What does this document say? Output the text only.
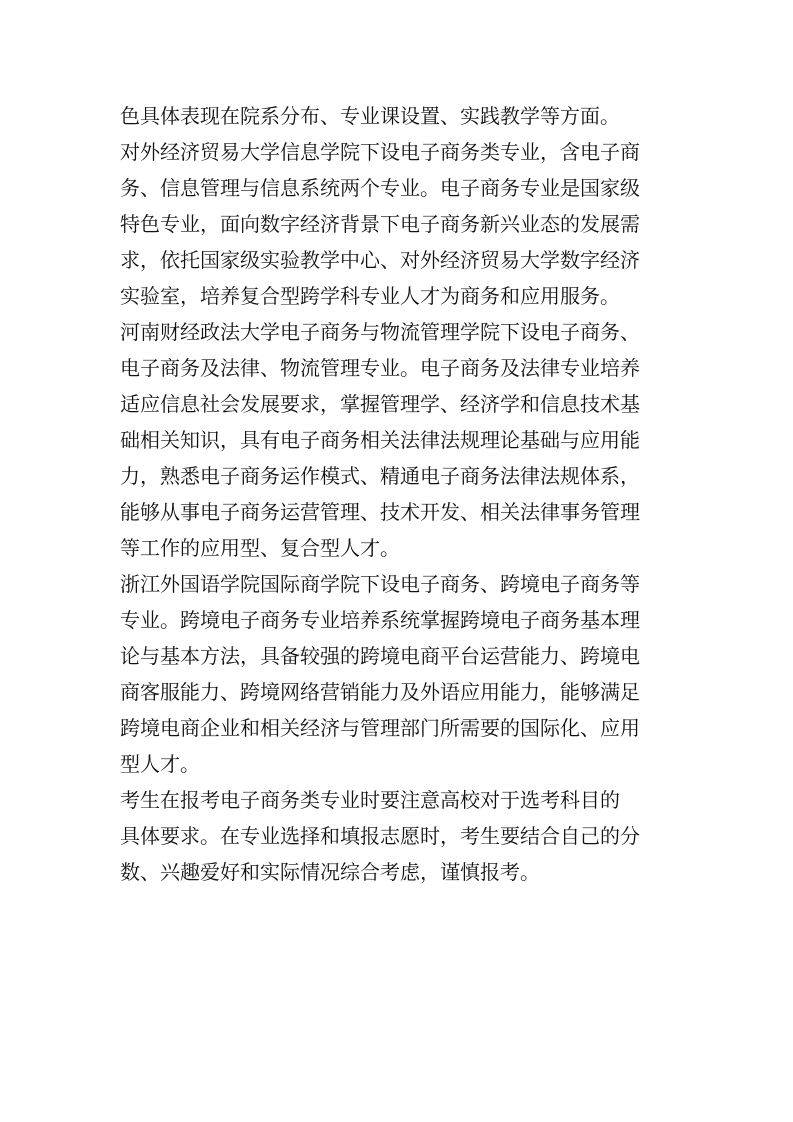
色具体表现在院系分布、专业课设置、实践教学等方面。
对外经济贸易大学信息学院下设电子商务类专业，含电子商
务、信息管理与信息系统两个专业。电子商务专业是国家级
特色专业，面向数字经济背景下电子商务新兴业态的发展需
求，依托国家级实验教学中心、对外经济贸易大学数字经济
实验室，培养复合型跨学科专业人才为商务和应用服务。
河南财经政法大学电子商务与物流管理学院下设电子商务、
电子商务及法律、物流管理专业。电子商务及法律专业培养
适应信息社会发展要求，掌握管理学、经济学和信息技术基
础相关知识，具有电子商务相关法律法规理论基础与应用能
力，熟悉电子商务运作模式、精通电子商务法律法规体系，
能够从事电子商务运营管理、技术开发、相关法律事务管理
等工作的应用型、复合型人才。
浙江外国语学院国际商学院下设电子商务、跨境电子商务等
专业。跨境电子商务专业培养系统掌握跨境电子商务基本理
论与基本方法，具备较强的跨境电商平台运营能力、跨境电
商客服能力、跨境网络营销能力及外语应用能力，能够满足
跨境电商企业和相关经济与管理部门所需要的国际化、应用
型人才。
考生在报考电子商务类专业时要注意高校对于选考科目的
具体要求。在专业选择和填报志愿时，考生要结合自己的分
数、兴趣爱好和实际情况综合考虑，谨慎报考。
